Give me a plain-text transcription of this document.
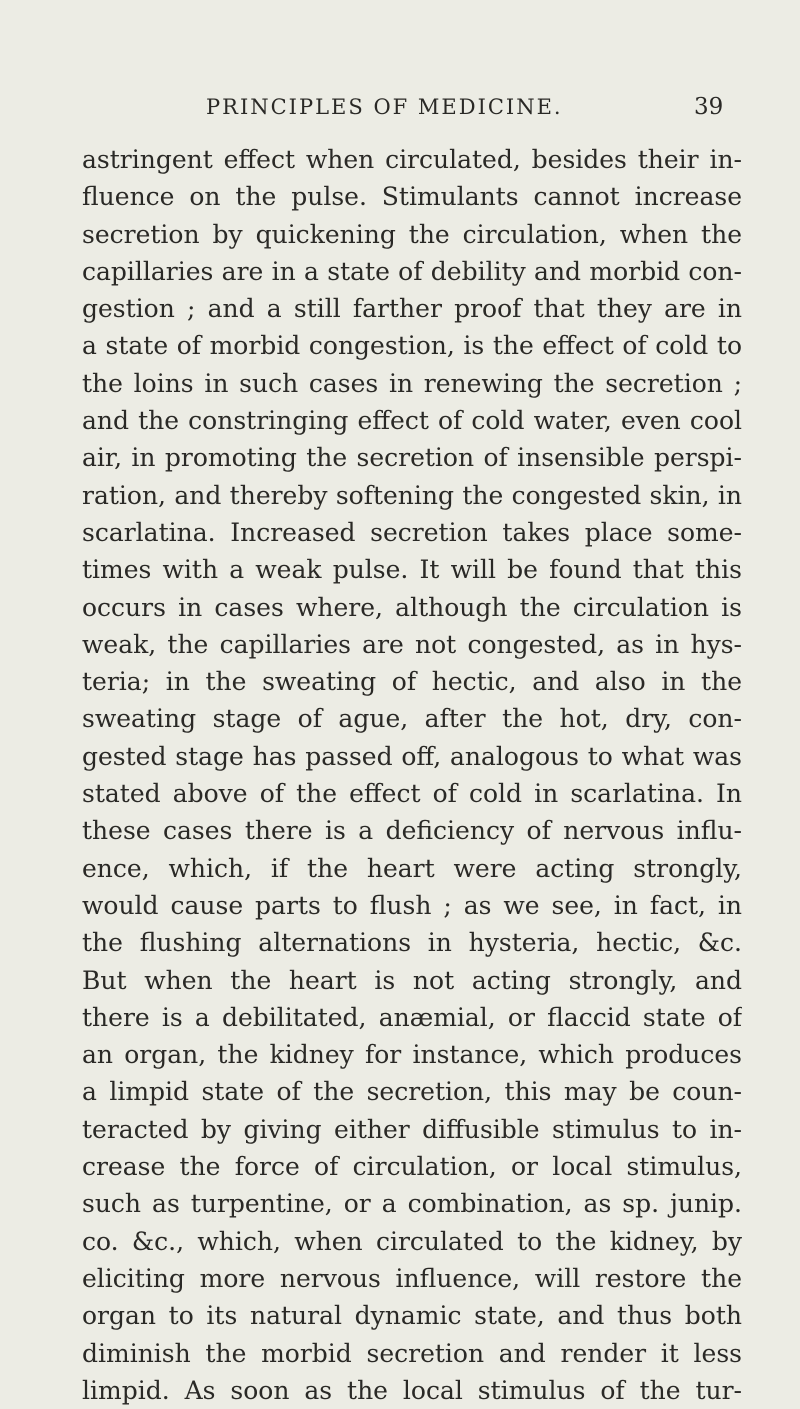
PRINCIPLES OF MEDICINE.	39
astringent effect when circulated, besides their in-
fluence on the pulse. Stimulants cannot increase
secretion by quickening the circulation, when the
capillaries are in a state of debility and morbid con-
gestion ; and a still farther proof that they are in
a state of morbid congestion, is the effect of cold to
the loins in such cases in renewing the secretion ;
and the constringing effect of cold water, even cool
air, in promoting the secretion of insensible perspi-
ration, and thereby softening the congested skin, in
scarlatina. Increased secretion takes place some-
times with a weak pulse. It will be found that this
occurs in cases where, although the circulation is
weak, the capillaries are not congested, as in hys-
teria; in the sweating of hectic, and also in the
sweating stage of ague, after the hot, dry, con-
gested stage has passed off, analogous to what was
stated above of the effect of cold in scarlatina. In
these cases there is a deficiency of nervous influ-
ence, which, if the heart were acting strongly,
would cause parts to flush ; as we see, in fact, in
the flushing alternations in hysteria, hectic, &c.
But when the heart is not acting strongly, and
there is a debilitated, anæmial, or flaccid state of
an organ, the kidney for instance, which produces
a limpid state of the secretion, this may be coun-
teracted by giving either diffusible stimulus to in-
crease the force of circulation, or local stimulus,
such as turpentine, or a combination, as sp. junip.
co. &c., which, when circulated to the kidney, by
eliciting more nervous influence, will restore the
organ to its natural dynamic state, and thus both
diminish the morbid secretion and render it less
limpid. As soon as the local stimulus of the tur-
